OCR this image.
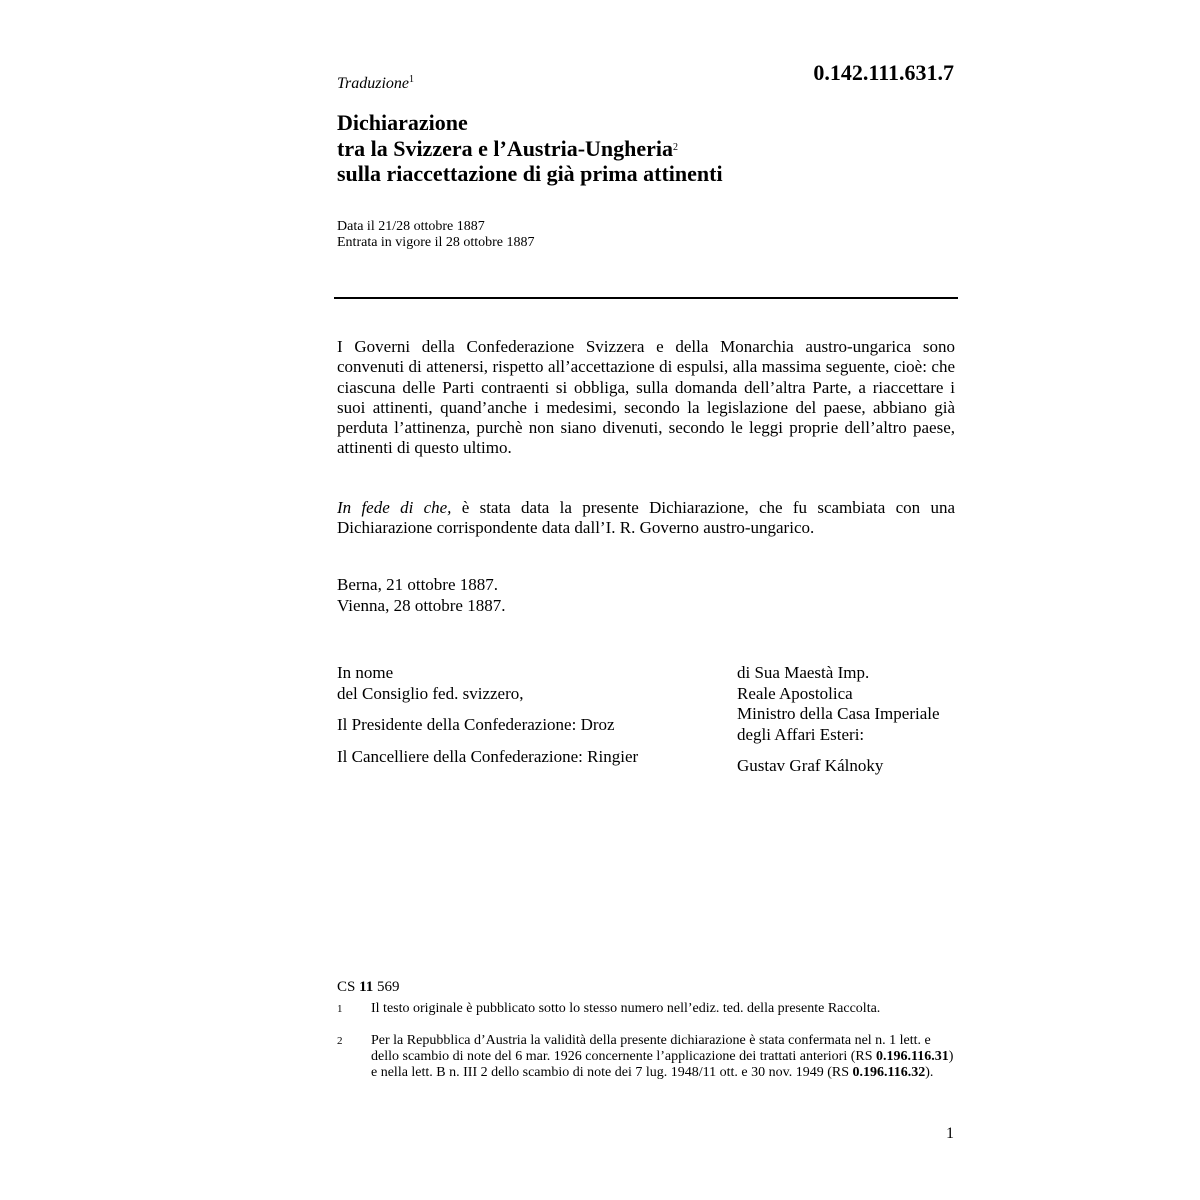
Traduzione$^1$	0.142.111.631.7
Dichiarazione
tra la Svizzera e l’Austria-Ungheria$^2$
sulla riaccettazione di già prima attinenti
Data il 21/28 ottobre 1887
Entrata in vigore il 28 ottobre 1887
I Governi della Confederazione Svizzera e della Monarchia austro-ungarica sono convenuti di attenersi, rispetto all’accettazione di espulsi, alla massima seguente, cioè: che ciascuna delle Parti contraenti si obbliga, sulla domanda dell’altra Parte, a riaccettare i suoi attinenti, quand’anche i medesimi, secondo la legislazione del paese, abbiano già perduta l’attinenza, purchè non siano divenuti, secondo le leggi proprie dell’altro paese, attinenti di questo ultimo.
In fede di che, è stata data la presente Dichiarazione, che fu scambiata con una Dichiarazione corrispondente data dall’I. R. Governo austro-ungarico.
Berna, 21 ottobre 1887.
Vienna, 28 ottobre 1887.
In nome
del Consiglio fed. svizzero,
Il Presidente della Confederazione: Droz
Il Cancelliere della Confederazione: Ringier
di Sua Maestà Imp.
Reale Apostolica
Ministro della Casa Imperiale
degli Affari Esteri:
Gustav Graf Kálnoky
CS 11 569
1 Il testo originale è pubblicato sotto lo stesso numero nell’ediz. ted. della presente Raccolta.
2 Per la Repubblica d’Austria la validità della presente dichiarazione è stata confermata nel n. 1 lett. e dello scambio di note del 6 mar. 1926 concernente l’applicazione dei trattati anteriori (RS 0.196.116.31) e nella lett. B n. III 2 dello scambio di note dei 7 lug. 1948/11 ott. e 30 nov. 1949 (RS 0.196.116.32).
1
